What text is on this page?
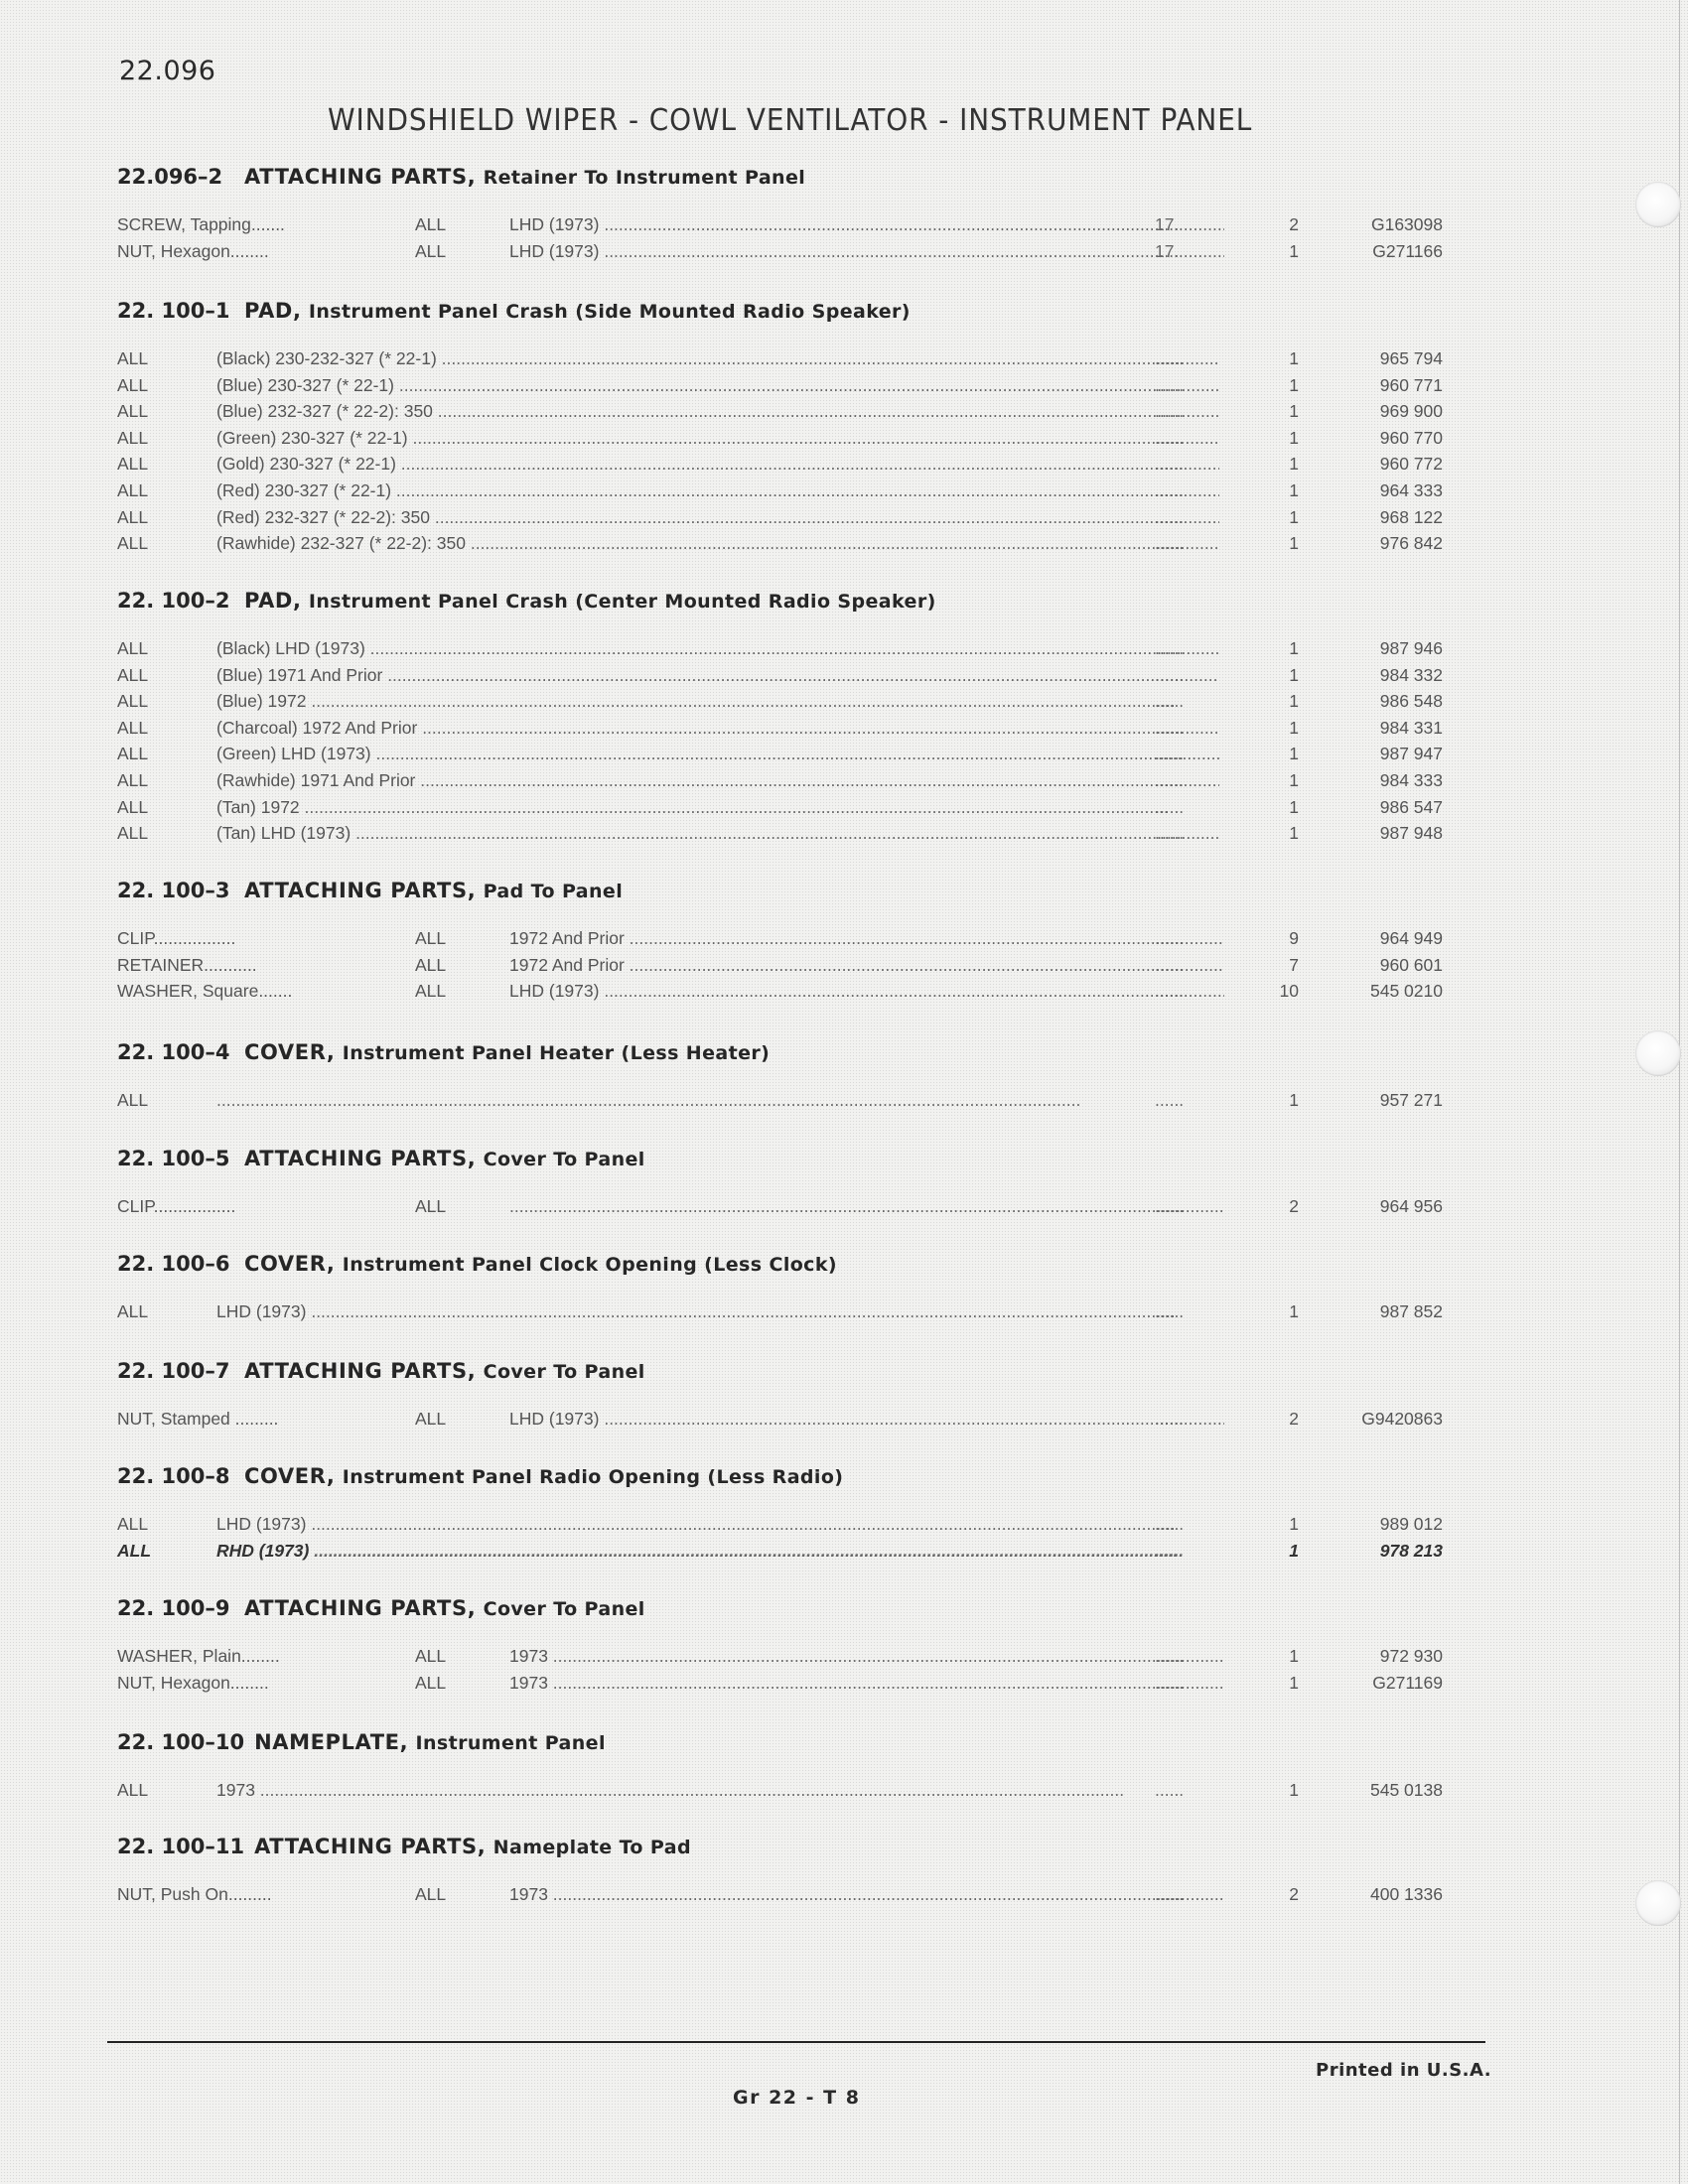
22.096
WINDSHIELD WIPER - COWL VENTILATOR - INSTRUMENT PANEL
22.096–2 ATTACHING PARTS, Retainer To Instrument Panel
SCREW, Tapping.......	ALL	LHD (1973) .....	17.	2	G163098
NUT, Hexagon........	ALL	LHD (1973) .....	17.	1	G271166
22. 100–1 PAD, Instrument Panel Crash (Side Mounted Radio Speaker)
ALL	(Black) 230-232-327 (* 22-1) .....	......	1	965 794
ALL	(Blue) 230-327 (* 22-1) .....	......	1	960 771
ALL	(Blue) 232-327 (* 22-2): 350 .....	......	1	969 900
ALL	(Green) 230-327 (* 22-1) .....	......	1	960 770
ALL	(Gold) 230-327 (* 22-1) .....	......	1	960 772
ALL	(Red) 230-327 (* 22-1) .....	......	1	964 333
ALL	(Red) 232-327 (* 22-2): 350 .....	......	1	968 122
ALL	(Rawhide) 232-327 (* 22-2): 350 .....	......	1	976 842
22. 100–2 PAD, Instrument Panel Crash (Center Mounted Radio Speaker)
ALL	(Black) LHD (1973) .....	......	1	987 946
ALL	(Blue) 1971 And Prior .....	......	1	984 332
ALL	(Blue) 1972 .....	......	1	986 548
ALL	(Charcoal) 1972 And Prior .....	......	1	984 331
ALL	(Green) LHD (1973) .....	......	1	987 947
ALL	(Rawhide) 1971 And Prior .....	......	1	984 333
ALL	(Tan) 1972 .....	......	1	986 547
ALL	(Tan) LHD (1973) .....	......	1	987 948
22. 100–3 ATTACHING PARTS, Pad To Panel
CLIP.................	ALL	1972 And Prior .....	......	9	964 949
RETAINER...........	ALL	1972 And Prior .....	......	7	960 601
WASHER, Square.......	ALL	LHD (1973) .....	......	10	545 0210
22. 100–4 COVER, Instrument Panel Heater (Less Heater)
ALL .....	......	1	957 271
22. 100–5 ATTACHING PARTS, Cover To Panel
CLIP.................	ALL .....	......	2	964 956
22. 100–6 COVER, Instrument Panel Clock Opening (Less Clock)
ALL	LHD (1973) .....	......	1	987 852
22. 100–7 ATTACHING PARTS, Cover To Panel
NUT, Stamped .........	ALL	LHD (1973) .....	......	2	G9420863
22. 100–8 COVER, Instrument Panel Radio Opening (Less Radio)
ALL	LHD (1973) .....	......	1	989 012
ALL	RHD (1973) .....	......	1	978 213
22. 100–9 ATTACHING PARTS, Cover To Panel
WASHER, Plain........	ALL	1973 .....	......	1	972 930
NUT, Hexagon........	ALL	1973 .....	......	1	G271169
22. 100–10 NAMEPLATE, Instrument Panel
ALL	1973 .....	......	1	545 0138
22. 100–11 ATTACHING PARTS, Nameplate To Pad
NUT, Push On.........	ALL	1973 .....	......	2	400 1336
Printed in U.S.A.
Gr 22 - T 8
